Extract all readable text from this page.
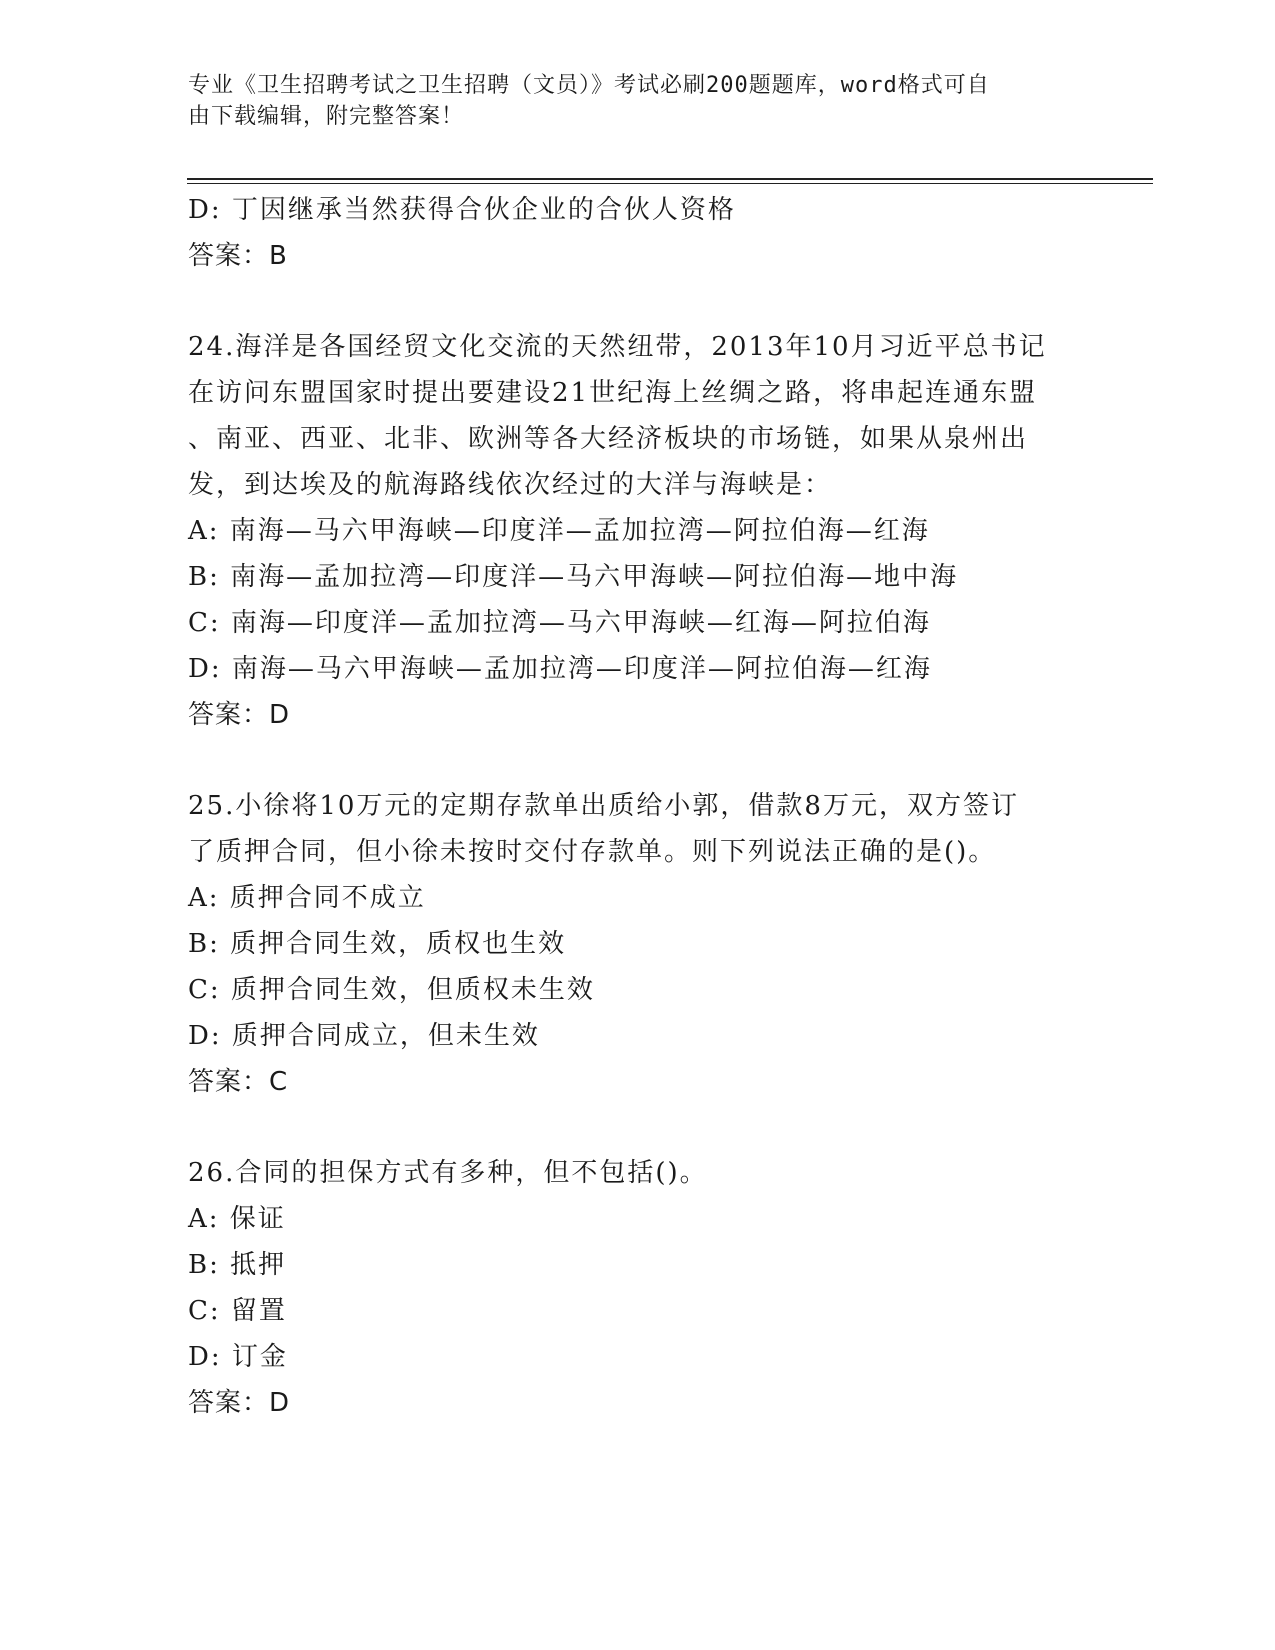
专业《卫生招聘考试之卫生招聘（文员）》考试必刷200题题库，word格式可自
由下载编辑，附完整答案！
D: 丁因继承当然获得合伙企业的合伙人资格
答案：B
24.海洋是各国经贸文化交流的天然纽带，2013年10月习近平总书记
在访问东盟国家时提出要建设21世纪海上丝绸之路，将串起连通东盟
、南亚、西亚、北非、欧洲等各大经济板块的市场链，如果从泉州出
发，到达埃及的航海路线依次经过的大洋与海峡是：
A: 南海—马六甲海峡—印度洋—孟加拉湾—阿拉伯海—红海
B: 南海—孟加拉湾—印度洋—马六甲海峡—阿拉伯海—地中海
C: 南海—印度洋—孟加拉湾—马六甲海峡—红海—阿拉伯海
D: 南海—马六甲海峡—孟加拉湾—印度洋—阿拉伯海—红海
答案：D
25.小徐将10万元的定期存款单出质给小郭，借款8万元，双方签订
了质押合同，但小徐未按时交付存款单。则下列说法正确的是()。
A: 质押合同不成立
B: 质押合同生效，质权也生效
C: 质押合同生效，但质权未生效
D: 质押合同成立，但未生效
答案：C
26.合同的担保方式有多种，但不包括()。
A: 保证
B: 抵押
C: 留置
D: 订金
答案：D
